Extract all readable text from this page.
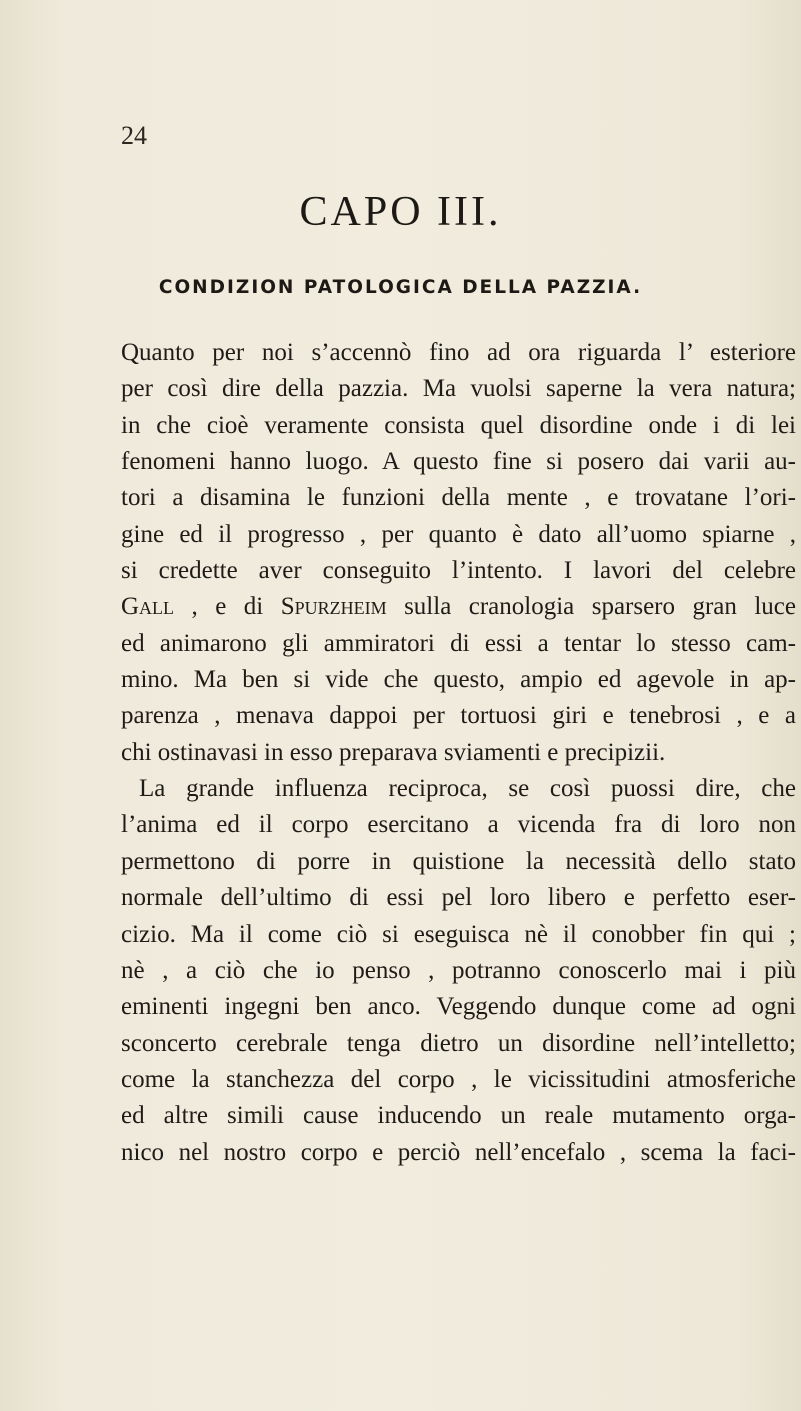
24
CAPO III.
CONDIZION PATOLOGICA DELLA PAZZIA.
Quanto per noi s’accennò fino ad ora riguarda l’ esteriore
per così dire della pazzia. Ma vuolsi saperne la vera natura;
in che cioè veramente consista quel disordine onde i di lei
fenomeni hanno luogo. A questo fine si posero dai varii au-
tori a disamina le funzioni della mente , e trovatane l’ori-
gine ed il progresso , per quanto è dato all’uomo spiarne ,
si credette aver conseguito l’intento. I lavori del celebre
Gall , e di Spurzheim sulla cranologia sparsero gran luce
ed animarono gli ammiratori di essi a tentar lo stesso cam-
mino. Ma ben si vide che questo, ampio ed agevole in ap-
parenza , menava dappoi per tortuosi giri e tenebrosi , e a
chi ostinavasi in esso preparava sviamenti e precipizii.
La grande influenza reciproca, se così puossi dire, che
l’anima ed il corpo esercitano a vicenda fra di loro non
permettono di porre in quistione la necessità dello stato
normale dell’ultimo di essi pel loro libero e perfetto eser-
cizio. Ma il come ciò si eseguisca nè il conobber fin qui ;
nè , a ciò che io penso , potranno conoscerlo mai i più
eminenti ingegni ben anco. Veggendo dunque come ad ogni
sconcerto cerebrale tenga dietro un disordine nell’intelletto;
come la stanchezza del corpo , le vicissitudini atmosferiche
ed altre simili cause inducendo un reale mutamento orga-
nico nel nostro corpo e perciò nell’encefalo , scema la faci-
